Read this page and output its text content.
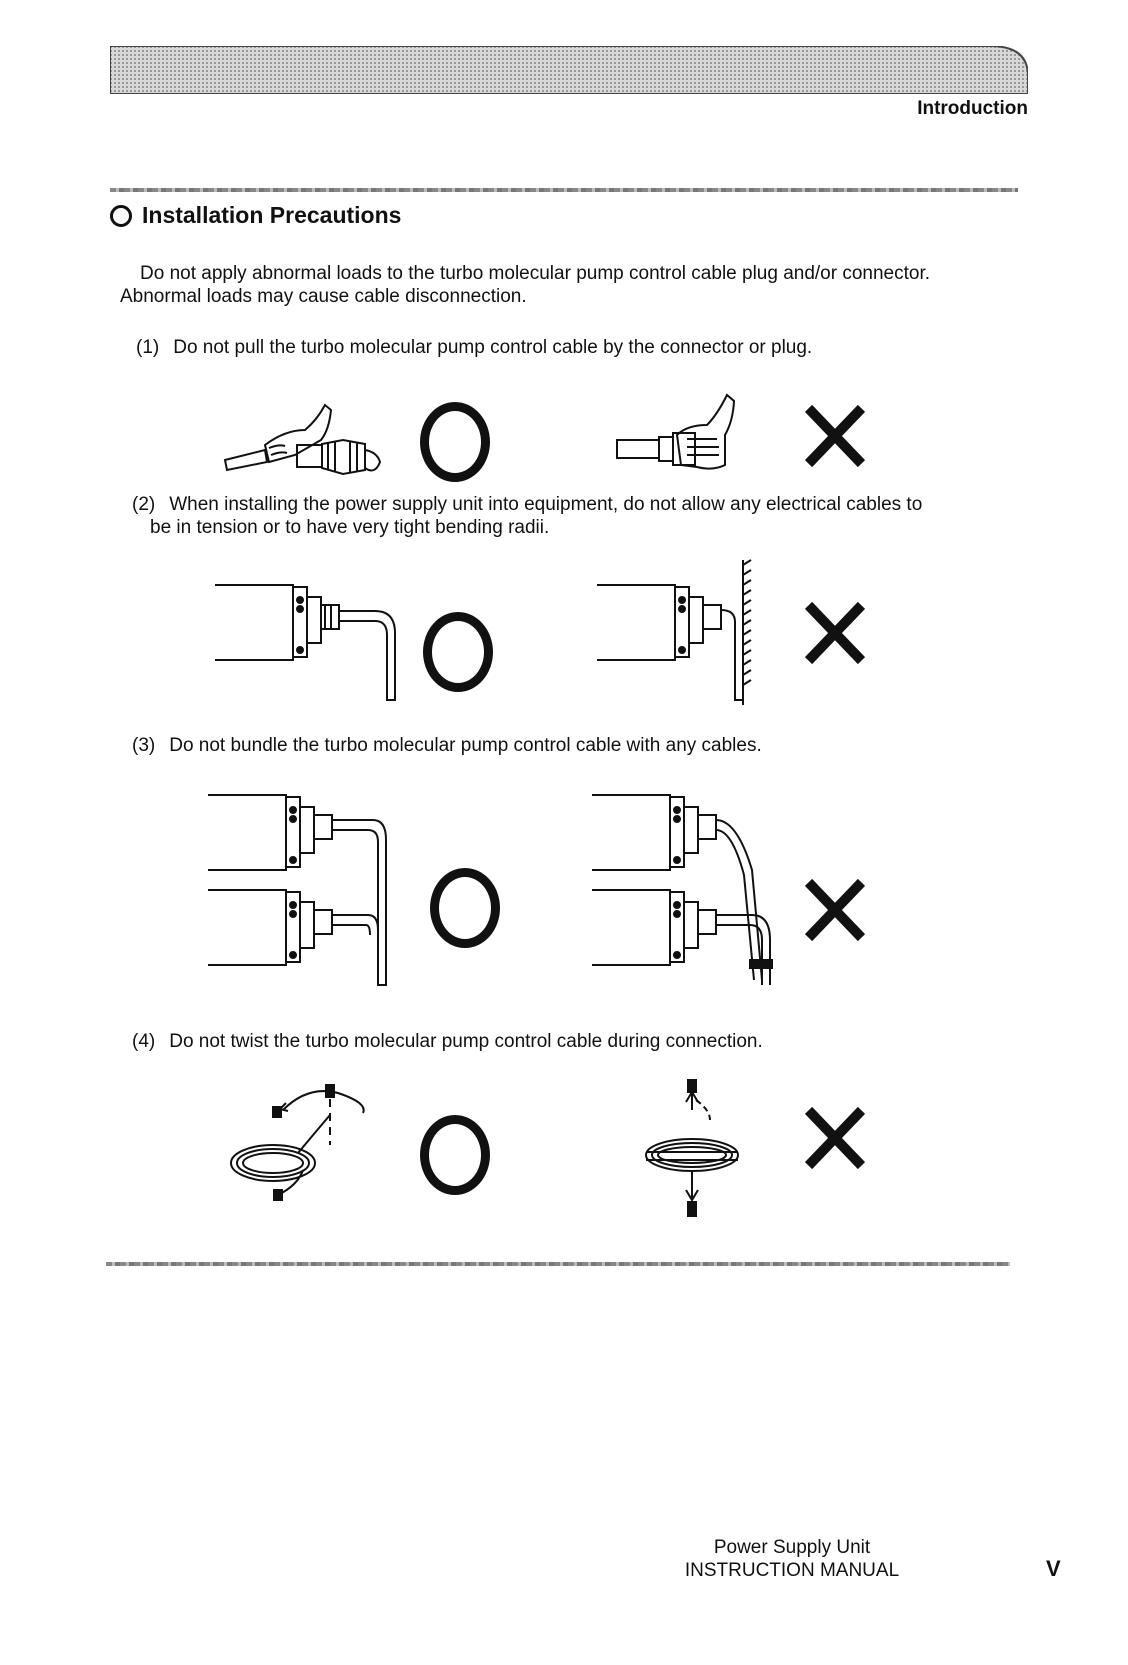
Introduction
Installation Precautions
Do not apply abnormal loads to the turbo molecular pump control cable plug and/or connector.
Abnormal loads may cause cable disconnection.
(1) Do not pull the turbo molecular pump control cable by the connector or plug.
(2) When installing the power supply unit into equipment, do not allow any electrical cables to
be in tension or to have very tight bending radii.
(3) Do not bundle the turbo molecular pump control cable with any cables.
(4) Do not twist the turbo molecular pump control cable during connection.
Power Supply Unit
INSTRUCTION MANUAL	V
